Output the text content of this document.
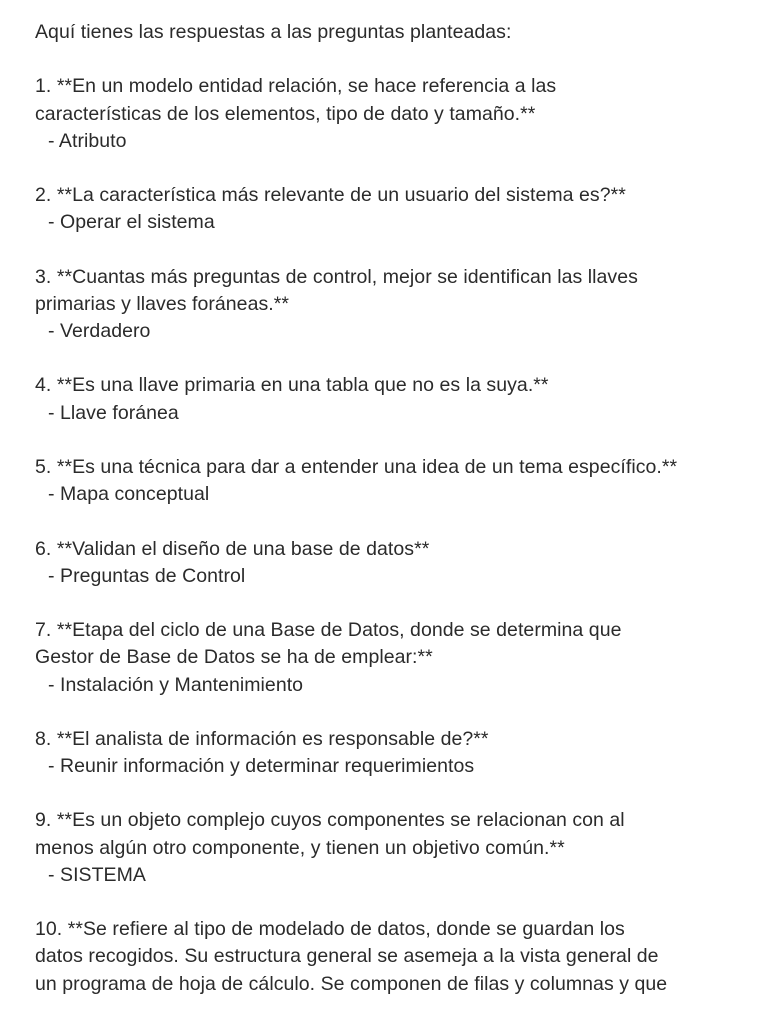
Aquí tienes las respuestas a las preguntas planteadas:
1. **En un modelo entidad relación, se hace referencia a las
características de los elementos, tipo de dato y tamaño.**
- Atributo
2. **La característica más relevante de un usuario del sistema es?**
- Operar el sistema
3. **Cuantas más preguntas de control, mejor se identifican las llaves
primarias y llaves foráneas.**
- Verdadero
4. **Es una llave primaria en una tabla que no es la suya.**
- Llave foránea
5. **Es una técnica para dar a entender una idea de un tema específico.**
- Mapa conceptual
6. **Validan el diseño de una base de datos**
- Preguntas de Control
7. **Etapa del ciclo de una Base de Datos, donde se determina que
Gestor de Base de Datos se ha de emplear:**
- Instalación y Mantenimiento
8. **El analista de información es responsable de?**
- Reunir información y determinar requerimientos
9. **Es un objeto complejo cuyos componentes se relacionan con al
menos algún otro componente, y tienen un objetivo común.**
- SISTEMA
10. **Se refiere al tipo de modelado de datos, donde se guardan los
datos recogidos. Su estructura general se asemeja a la vista general de
un programa de hoja de cálculo. Se componen de filas y columnas y que
